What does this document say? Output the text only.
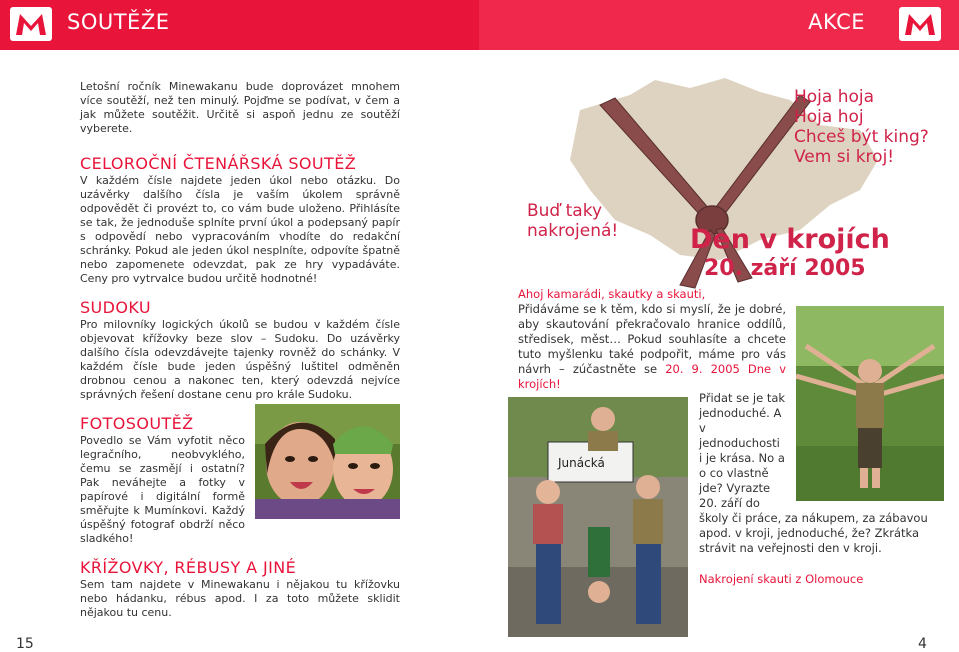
SOUTĚŽE	AKCE

Letošní ročník Minewakanu bude doprovázet mnohem více soutěží, než ten minulý. Pojďme se podívat, v čem a jak můžete soutěžit. Určitě si aspoň jednu ze soutěží vyberete.

CELOROČNÍ ČTENÁŘSKÁ SOUTĚŽ

V každém čísle najdete jeden úkol nebo otázku. Do uzávěrky dalšího čísla je vaším úkolem správně odpovědět či provézt to, co vám bude uloženo. Přihlásíte se tak, že jednoduše splníte první úkol a podepsaný papír s odpovědí nebo vypracováním vhodíte do redakční schránky. Pokud ale jeden úkol nesplníte, odpovíte špatně nebo zapomenete odevzdat, pak ze hry vypadáváte. Ceny pro vytrvalce budou určitě hodnotné!

SUDOKU

Pro milovníky logických úkolů se budou v každém čísle objevovat křížovky beze slov – Sudoku. Do uzávěrky dalšího čísla odevzdávejte tajenky rovněž do schánky. V každém čísle bude jeden úspěšný luštitel odměněn drobnou cenou a nakonec ten, který odevzdá nejvíce správných řešení dostane cenu pro krále Sudoku.

FOTOSOUTĚŽ

Povedlo se Vám vyfotit něco legračního, neobvyklého, čemu se zasmějí i ostatní? Pak neváhejte a fotky v papírové i digitální formě směřujte k Mumínkovi. Každý úspěšný fotograf obdrží něco sladkého!

KŘÍŽOVKY, RÉBUSY A JINÉ

Sem tam najdete v Minewakanu i nějakou tu křížovku nebo hádanku, rébus apod. I za toto můžete sklidit nějakou tu cenu.

15
Buď taky
nakrojená!
Hoja hoja
Hoja hoj
Chceš být king?
Vem si kroj!
Den v krojích
20. září 2005
Ahoj kamarádi, skautky a skauti,

Přidáváme se k těm, kdo si myslí, že je dobré, aby skautování překračovalo hranice oddílů, středisek, měst… Pokud souhlasíte a chcete tuto myšlenku také podpořit, máme pro vás návrh – zúčastněte se 20. 9. 2005 Dne v krojích!

Junácká

Přidat se je tak jednoduché. A v jednoduchosti i je krása. No a o co vlastně jde? Vyrazte 20. září do školy či práce, za nákupem, za zábavou apod. v kroji, jednoduché, že? Zkrátka strávit na veřejnosti den v kroji.

Nakrojení skauti z Olomouce
4
